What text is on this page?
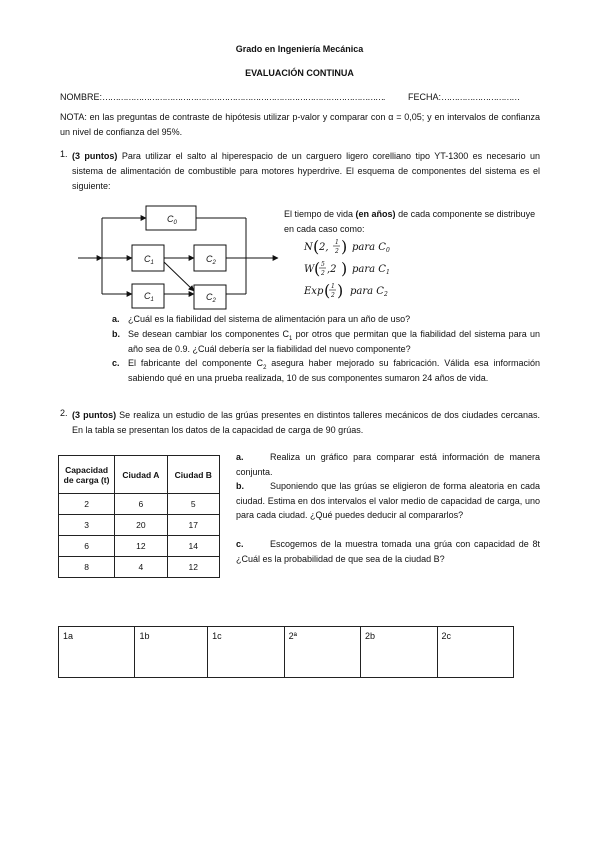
Grado en Ingeniería Mecánica
EVALUACIÓN CONTINUA
NOMBRE:……………………………………………………………………………………………….	FECHA:…………………………
NOTA: en las preguntas de contraste de hipótesis utilizar p-valor y comparar con α = 0,05; y en intervalos de confianza un nivel de confianza del 95%.
1. (3 puntos) Para utilizar el salto al hiperespacio de un carguero ligero corelliano tipo YT-1300 es necesario un sistema de alimentación de combustible para motores hyperdrive. El esquema de componentes del sistema es el siguiente:
$C_0$
$C_1$	$C_2$
$C_1$	$C_2$
El tiempo de vida (en años) de cada componente se distribuye en cada caso como:
N ( 2, 1
2 ) para $C_0$
W ( 5
2 ,2 ) para $C_1$
Exp ( 1
2 ) para $C_2$
a. ¿Cuál es la fiabilidad del sistema de alimentación para un año de uso?
b. Se desean cambiar los componentes $C_1$ por otros que permitan que la fiabilidad del sistema para un año sea de 0.9. ¿Cuál debería ser la fiabilidad del nuevo componente?
c. El fabricante del componente $C_2$ asegura haber mejorado su fabricación. Válida esa información sabiendo qué en una prueba realizada, 10 de sus componentes sumaron 24 años de vida.
2. (3 puntos) Se realiza un estudio de las grúas presentes en distintos talleres mecánicos de dos ciudades cercanas. En la tabla se presentan los datos de la capacidad de carga de 90 grúas.
Capacidad de carga (t)	Ciudad A	Ciudad B
2	6	5
3	20	17
6	12	14
8	4	12
a.	Realiza un gráfico para comparar está información de manera conjunta.
b.	Suponiendo que las grúas se eligieron de forma aleatoria en cada ciudad. Estima en dos intervalos el valor medio de capacidad de carga, uno para cada ciudad. ¿Qué puedes deducir al compararlos?
c.	Escogemos de la muestra tomada una grúa con capacidad de 8t ¿Cuál es la probabilidad de que sea de la ciudad B?
1a	1b	1c	2ª	2b	2c
